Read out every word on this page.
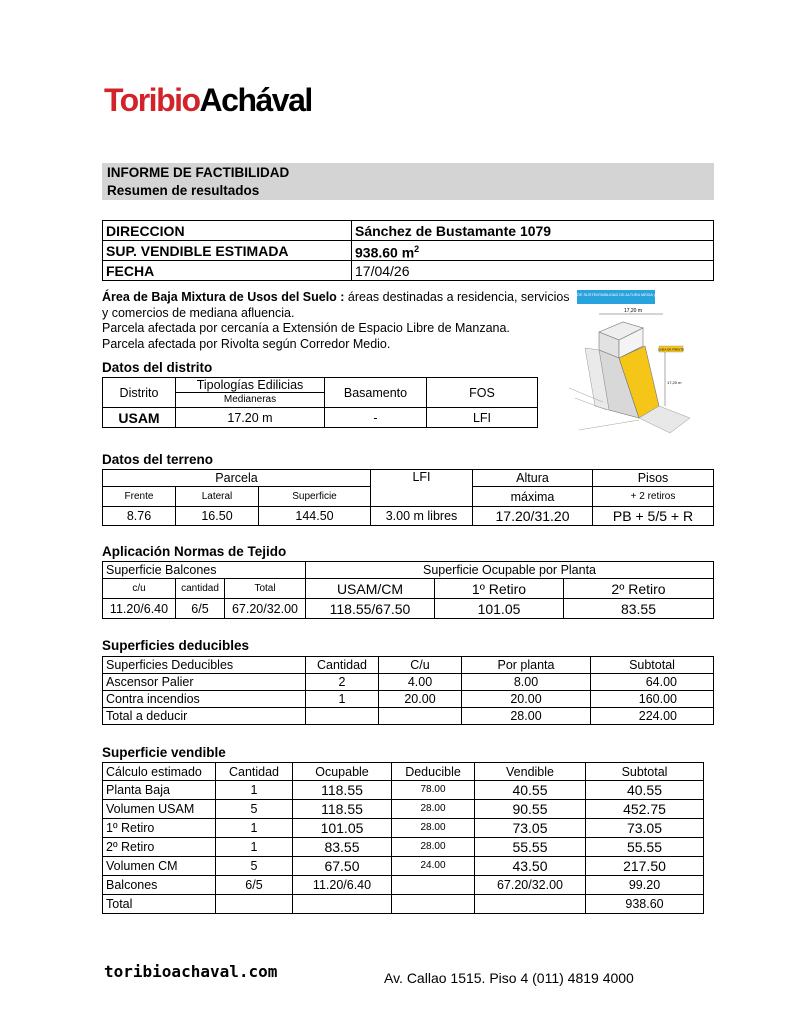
ToribioAchával
INFORME DE FACTIBILIDAD
Resumen de resultados
DIRECCION	Sánchez de Bustamante 1079
SUP. VENDIBLE ESTIMADA	938.60 $m^2$
FECHA	17/04/26
Área de Baja Mixtura de Usos del Suelo : áreas destinadas a residencia, servicios y comercios de mediana afluencia.
Parcela afectada por cercanía a Extensión de Espacio Libre de Manzana.
Parcela afectada por Rivolta según Corredor Medio.
UNIDAD DE SUSTENTABILIDAD DE ALTURA MEDIA (U.S.A.M)
17,20 m
LINEA DE FRENTE
17,20 m
Datos del distrito
Distrito	Tipologías Edilicias	Basamento	FOS
	Medianeras		
USAM	17.20 m	-	LFI
Datos del terreno
Parcela			LFI	Altura	Pisos
Frente	Lateral	Superficie		máxima	+ 2 retiros
8.76	16.50	144.50	3.00 m libres	17.20/31.20	PB + 5/5 + R
Aplicación Normas de Tejido
Superficie Balcones			Superficie Ocupable por Planta		
c/u	cantidad	Total	USAM/CM	1º Retiro	2º Retiro
11.20/6.40	6/5	67.20/32.00	118.55/67.50	101.05	83.55
Superficies deducibles
Superficies Deducibles	Cantidad	C/u	Por planta	Subtotal
Ascensor Palier	2	4.00	8.00	64.00
Contra incendios	1	20.00	20.00	160.00
Total a deducir			28.00	224.00
Superficie vendible
Cálculo estimado	Cantidad	Ocupable	Deducible	Vendible	Subtotal
Planta Baja	1	118.55	78.00	40.55	40.55
Volumen USAM	5	118.55	28.00	90.55	452.75
1º Retiro	1	101.05	28.00	73.05	73.05
2º Retiro	1	83.55	28.00	55.55	55.55
Volumen CM	5	67.50	24.00	43.50	217.50
Balcones	6/5	11.20/6.40		67.20/32.00	99.20
Total					938.60
toribioachaval.com	Av. Callao 1515. Piso 4 (011) 4819 4000
